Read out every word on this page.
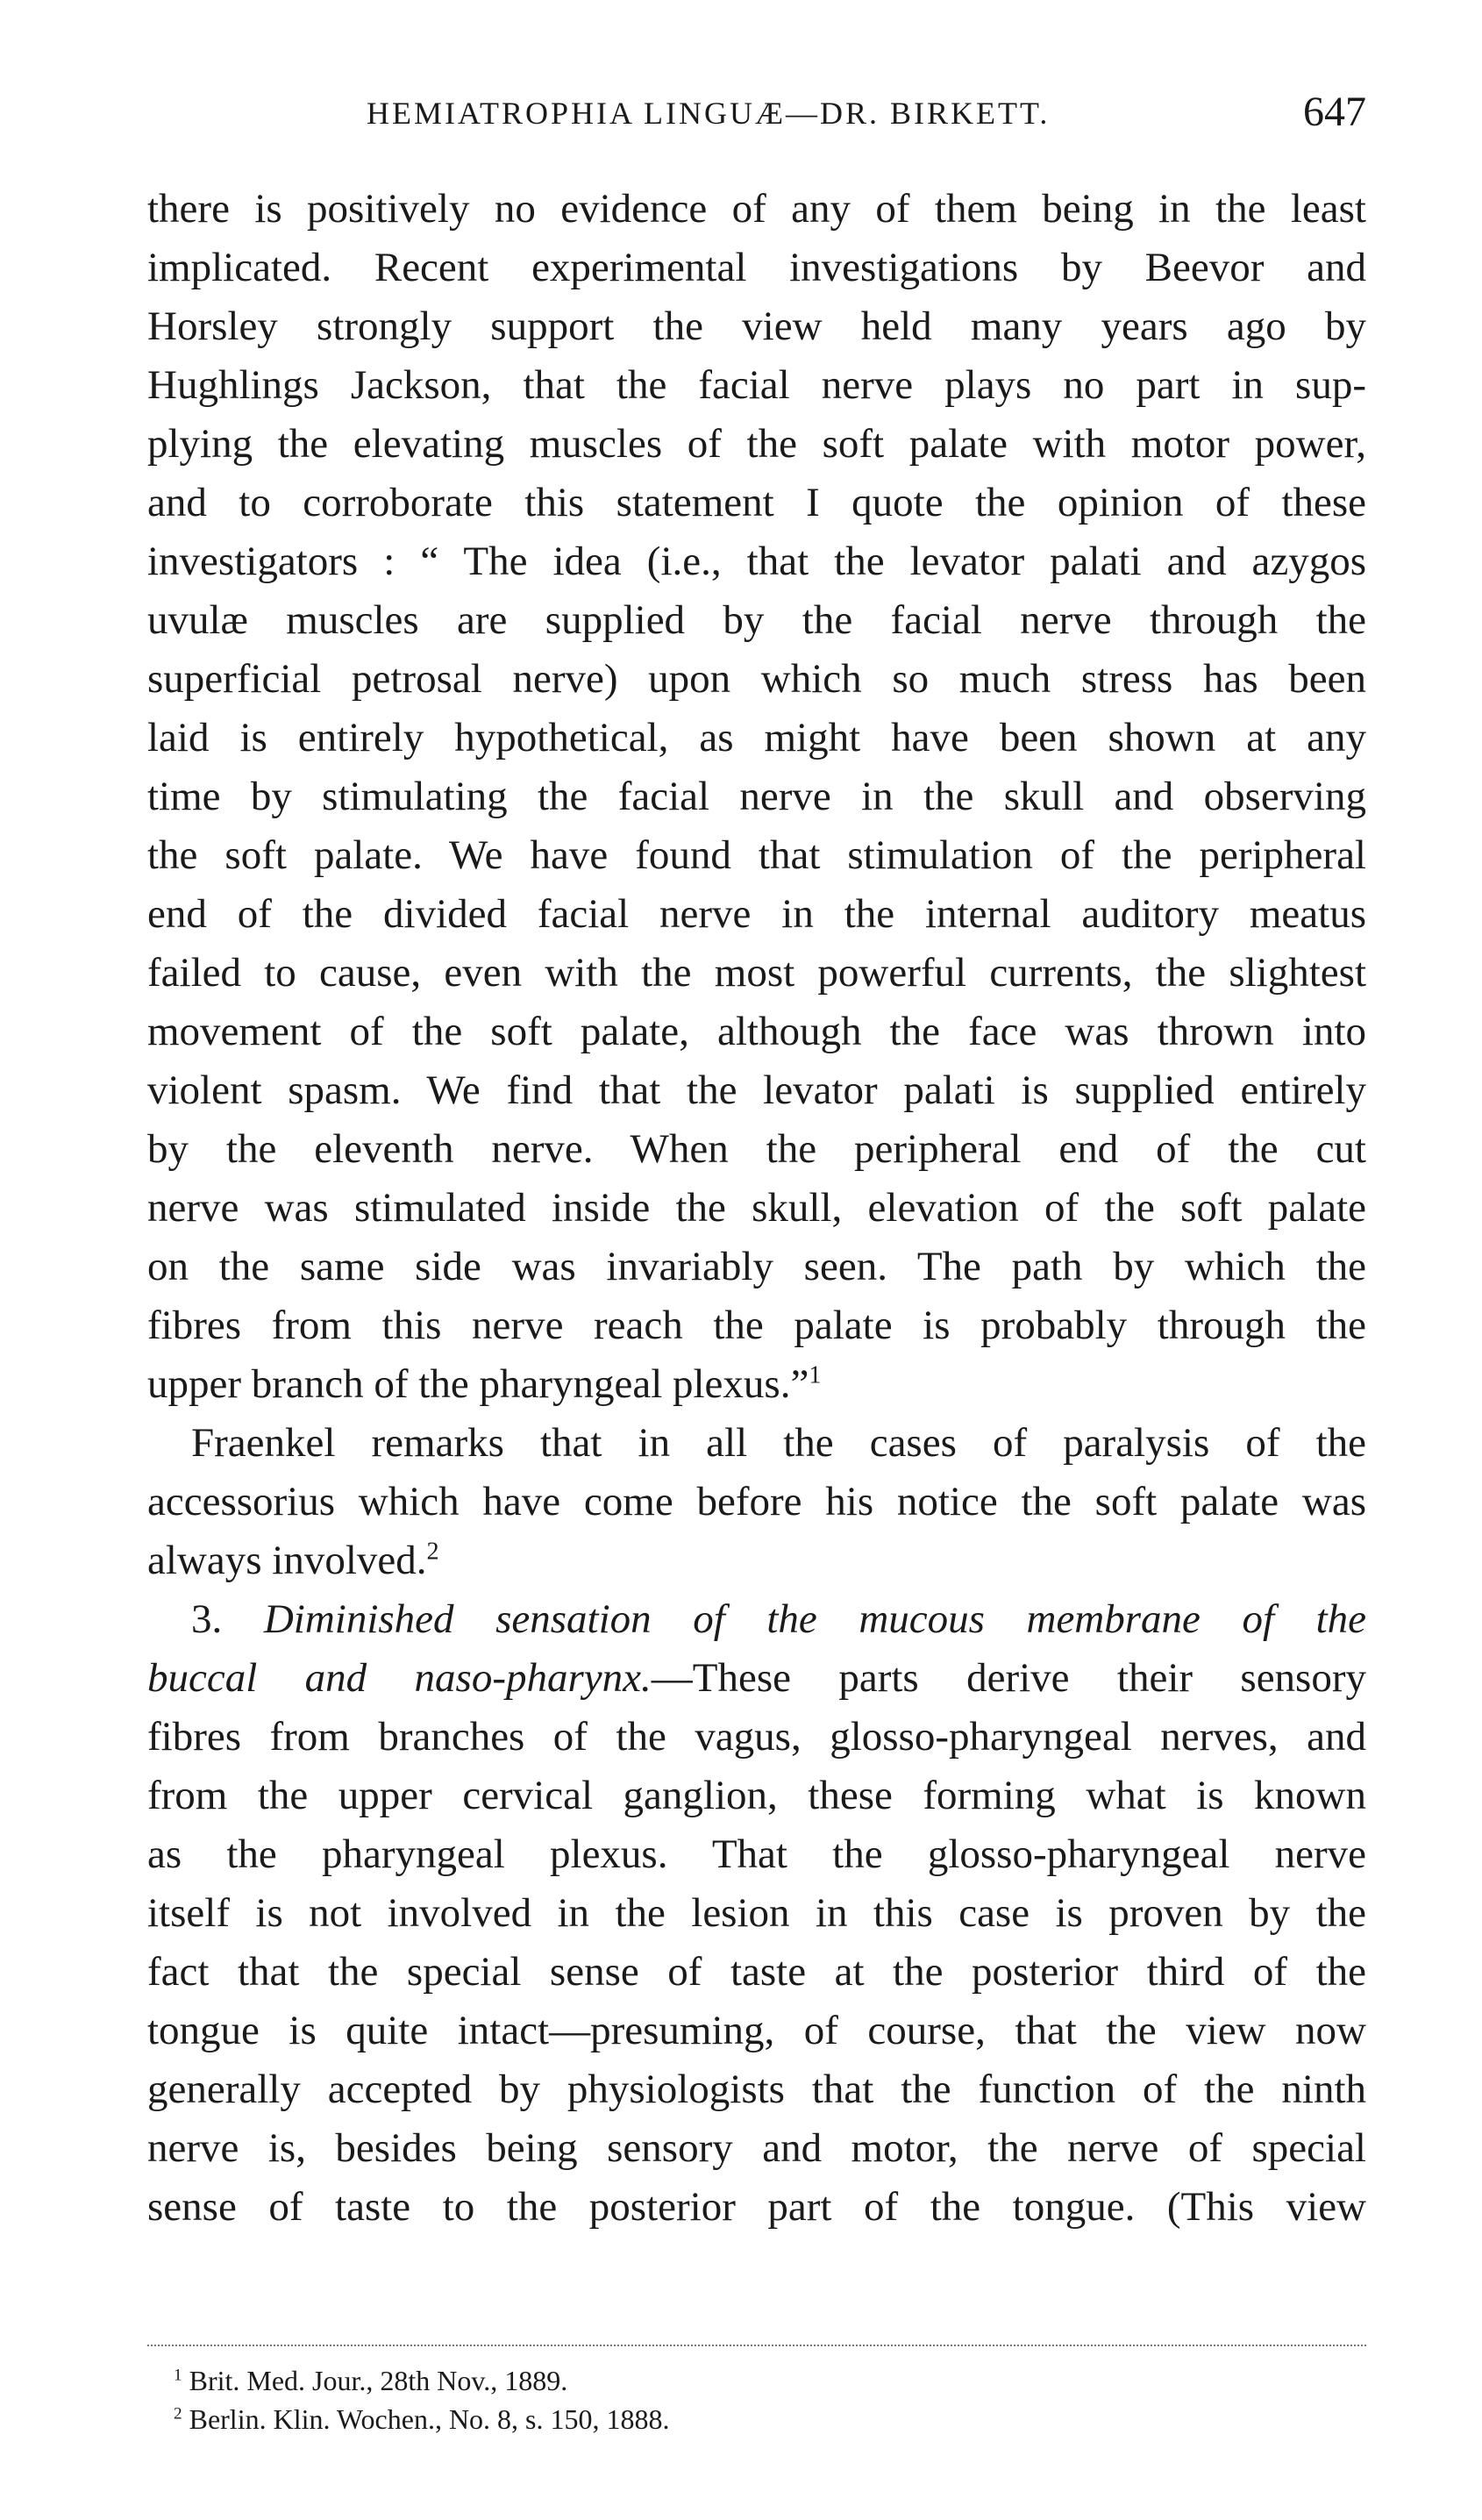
HEMIATROPHIA LINGUÆ—DR. BIRKETT.	647
there is positively no evidence of any of them being in the least
implicated. Recent experimental investigations by Beevor and
Horsley strongly support the view held many years ago by
Hughlings Jackson, that the facial nerve plays no part in sup-
plying the elevating muscles of the soft palate with motor power,
and to corroborate this statement I quote the opinion of these
investigators : “ The idea (i.e., that the levator palati and azygos
uvulæ muscles are supplied by the facial nerve through the
superficial petrosal nerve) upon which so much stress has been
laid is entirely hypothetical, as might have been shown at any
time by stimulating the facial nerve in the skull and observing
the soft palate. We have found that stimulation of the peripheral
end of the divided facial nerve in the internal auditory meatus
failed to cause, even with the most powerful currents, the slightest
movement of the soft palate, although the face was thrown into
violent spasm. We find that the levator palati is supplied entirely
by the eleventh nerve. When the peripheral end of the cut
nerve was stimulated inside the skull, elevation of the soft palate
on the same side was invariably seen. The path by which the
fibres from this nerve reach the palate is probably through the
upper branch of the pharyngeal plexus.”$^1$
Fraenkel remarks that in all the cases of paralysis of the
accessorius which have come before his notice the soft palate was
always involved.$^2$
3. Diminished sensation of the mucous membrane of the
buccal and naso-pharynx.—These parts derive their sensory
fibres from branches of the vagus, glosso-pharyngeal nerves, and
from the upper cervical ganglion, these forming what is known
as the pharyngeal plexus. That the glosso-pharyngeal nerve
itself is not involved in the lesion in this case is proven by the
fact that the special sense of taste at the posterior third of the
tongue is quite intact—presuming, of course, that the view now
generally accepted by physiologists that the function of the ninth
nerve is, besides being sensory and motor, the nerve of special
sense of taste to the posterior part of the tongue. (This view
$^1$ Brit. Med. Jour., 28th Nov., 1889.
$^2$ Berlin. Klin. Wochen., No. 8, s. 150, 1888.
